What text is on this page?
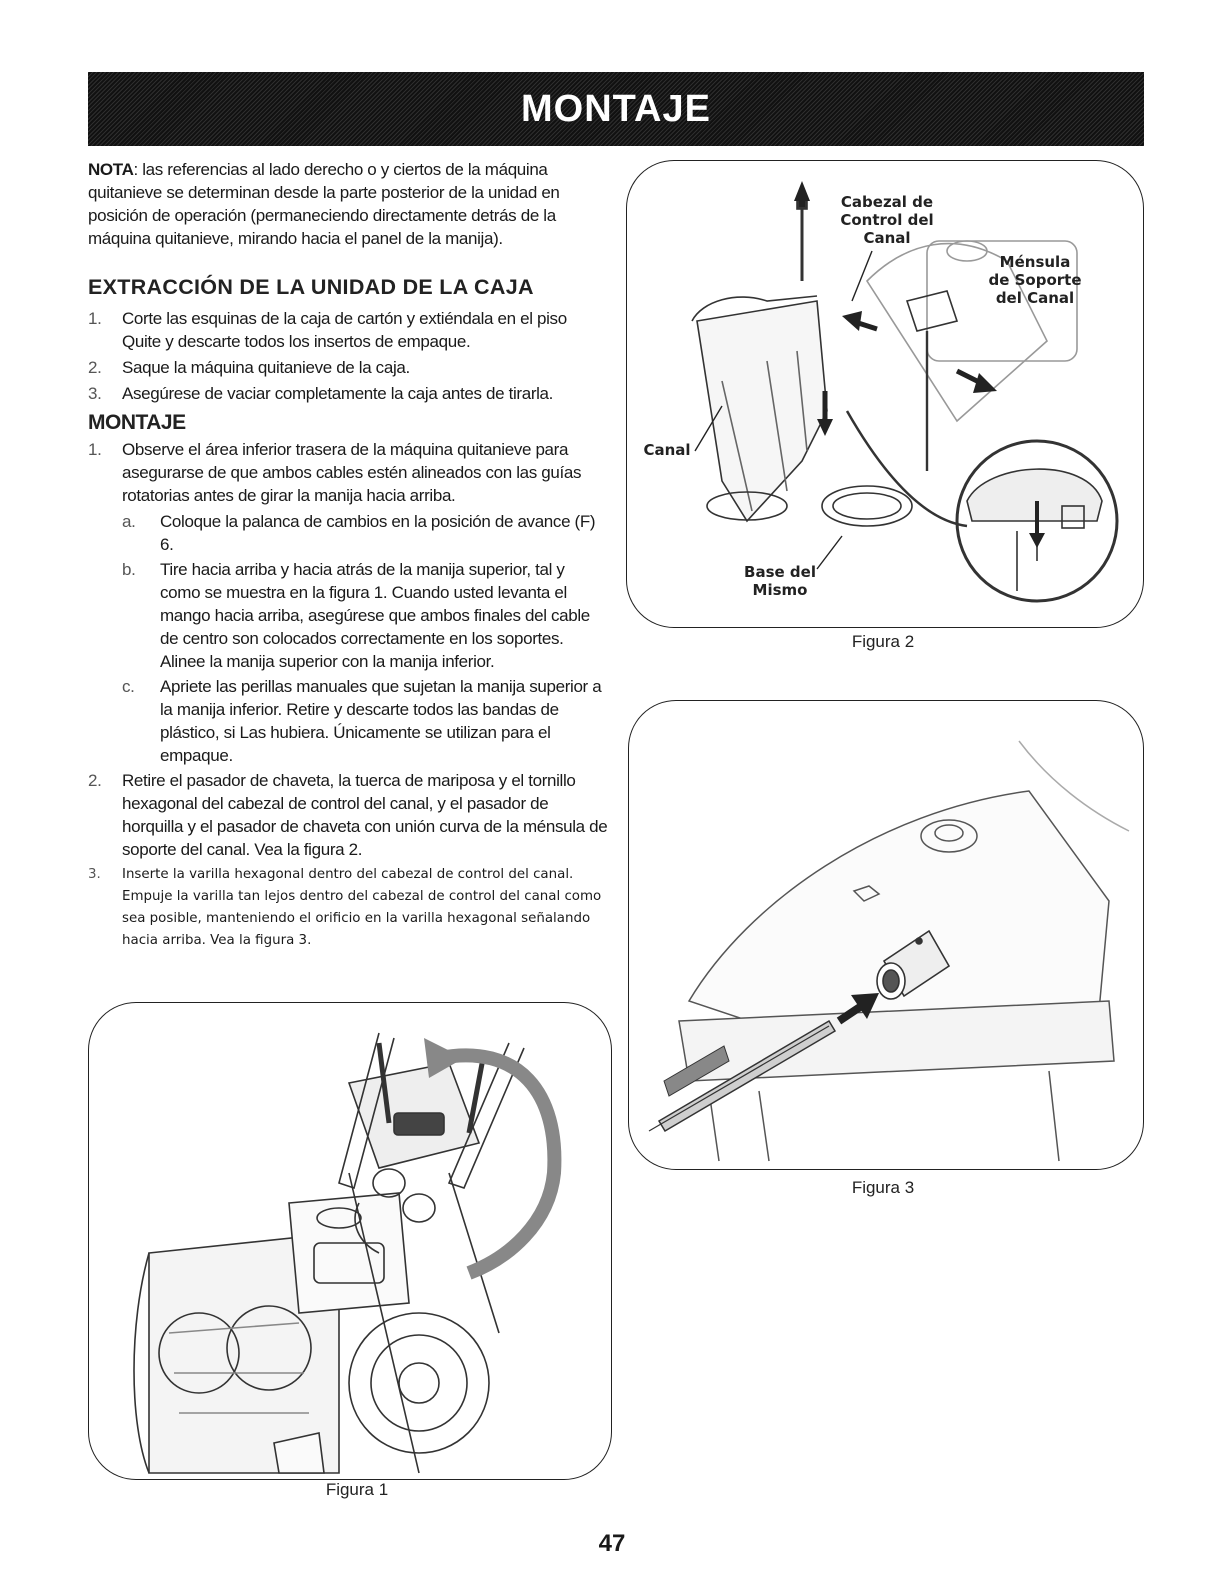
MONTAJE

NOTA: las referencias al lado derecho o y ciertos de la máquina quitanieve se determinan desde la parte posterior de la unidad en posición de operación (permaneciendo directamente detrás de la máquina quitanieve, mirando hacia el panel de la manija).

EXTRACCIÓN DE LA UNIDAD DE LA CAJA
1.	Corte las esquinas de la caja de cartón y extiéndala en el piso Quite y descarte todos los insertos de empaque.
2.	Saque la máquina quitanieve de la caja.
3.	Asegúrese de vaciar completamente la caja antes de tirarla.
MONTAJE
1.	Observe el área inferior trasera de la máquina quitanieve para asegurarse de que ambos cables estén alineados con las guías rotatorias antes de girar la manija hacia arriba.
a.	Coloque la palanca de cambios en la posición de avance (F) 6.
b.	Tire hacia arriba y hacia atrás de la manija superior, tal y como se muestra en la figura 1. Cuando usted levanta el mango hacia arriba, asegúrese que ambos finales del cable de centro son colocados correctamente en los soportes. Alinee la manija superior con la manija inferior.
c.	Apriete las perillas manuales que sujetan la manija superior a la manija inferior. Retire y descarte todos las bandas de plástico, si Las hubiera. Únicamente se utilizan para el empaque.
2.	Retire el pasador de chaveta, la tuerca de mariposa y el tornillo hexagonal del cabezal de control del canal, y el pasador de horquilla y el pasador de chaveta con unión curva de la ménsula de soporte del canal. Vea la figura 2.
3.	Inserte la varilla hexagonal dentro del cabezal de control del canal. Empuje la varilla tan lejos dentro del cabezal de control del canal como sea posible, manteniendo el orificio en la varilla hexagonal señalando hacia arriba. Vea la figura 3.
Figura 1
Cabezal de
Control del
Canal
Ménsula
de Soporte
del Canal
Canal
Base del
Mismo
Figura 2
Figura 3
47
